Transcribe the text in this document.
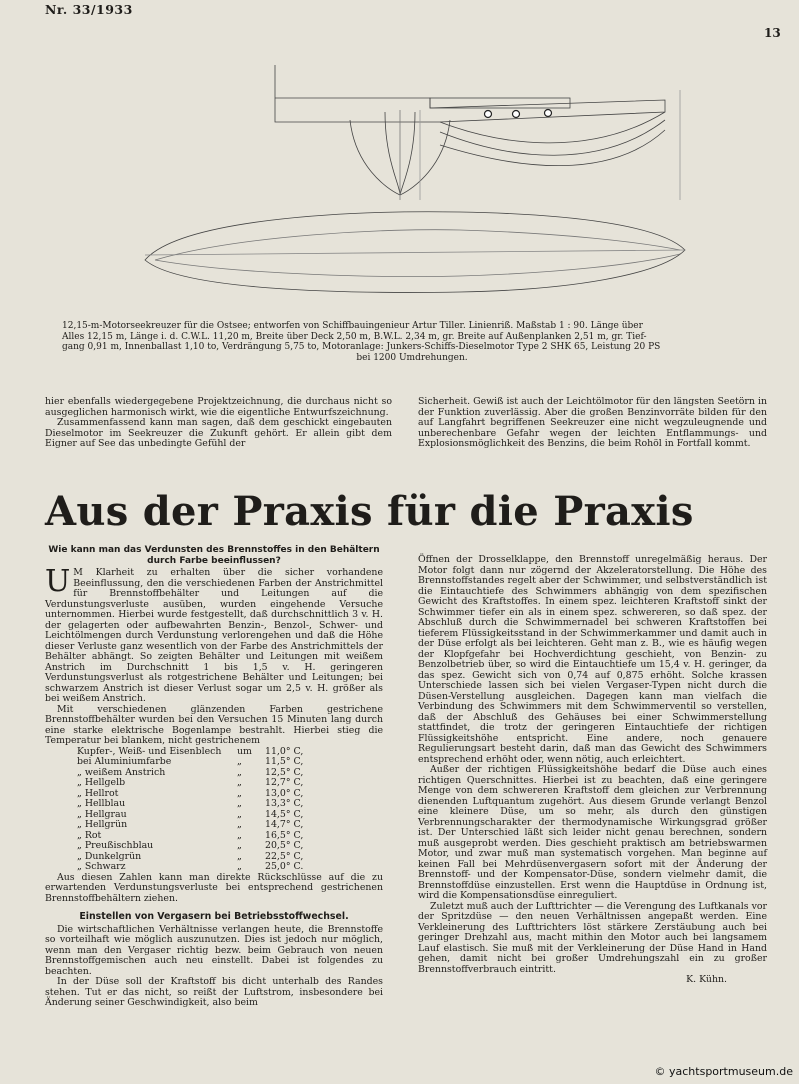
Nr. 33/1933
13
12,15-m-Motorseekreuzer für die Ostsee; entworfen von Schiffbauingenieur Artur Tiller. Linienriß. Maßstab 1 : 90. Länge über
Alles 12,15 m, Länge i. d. C.W.L. 11,20 m, Breite über Deck 2,50 m, B.W.L. 2,34 m, gr. Breite auf Außenplanken 2,51 m, gr. Tief-
gang 0,91 m, Innenballast 1,10 to, Verdrängung 5,75 to, Motoranlage: Junkers-Schiffs-Dieselmotor Type 2 SHK 65, Leistung 20 PS
bei 1200 Umdrehungen.

hier ebenfalls wiedergegebene Projektzeichnung, die durchaus nicht so ausgeglichen harmonisch wirkt, wie die eigentliche Entwurfszeichnung.

Zusammenfassend kann man sagen, daß dem geschickt eingebauten Dieselmotor im Seekreuzer die Zukunft gehört. Er allein gibt dem Eigner auf See das unbedingte Gefühl der

Sicherheit. Gewiß ist auch der Leichtölmotor für den längsten Seetörn in der Funktion zuverlässig. Aber die großen Benzinvorräte bilden für den auf Langfahrt begriffenen Seekreuzer eine nicht wegzuleugnende und unberechenbare Gefahr wegen der leichten Entflammungs- und Explosionsmöglichkeit des Benzins, die beim Rohöl in Fortfall kommt.

Aus der Praxis für die Praxis
Wie kann man das Verdunsten des Brennstoffes in den Behältern durch Farbe beeinflussen?

U M Klarheit zu erhalten über die sicher vorhandene Beeinflussung, den die verschiedenen Farben der Anstrichmittel für Brennstoffbehälter und Leitungen auf die Verdunstungsverluste ausüben, wurden eingehende Versuche unternommen. Hierbei wurde festgestellt, daß durchschnittlich 3 v. H. der gelagerten oder aufbewahrten Benzin-, Benzol-, Schwer- und Leichtölmengen durch Verdunstung verlorengehen und daß die Höhe dieser Verluste ganz wesentlich von der Farbe des Anstrichmittels der Behälter abhängt. So zeigten Behälter und Leitungen mit weißem Anstrich im Durchschnitt 1 bis 1,5 v. H. geringeren Verdunstungsverlust als rotgestrichene Behälter und Leitungen; bei schwarzem Anstrich ist dieser Verlust sogar um 2,5 v. H. größer als bei weißem Anstrich.

Mit verschiedenen glänzenden Farben gestrichene Brennstoffbehälter wurden bei den Versuchen 15 Minuten lang durch eine starke elektrische Bogenlampe bestrahlt. Hierbei stieg die Temperatur bei blankem, nicht gestrichenem

Kupfer-, Weiß- und Eisenblech	um	11,0° C,
bei Aluminiumfarbe	„	11,5° C,
„ weißem Anstrich	„	12,5° C,
„ Hellgelb	„	12,7° C,
„ Hellrot	„	13,0° C,
„ Hellblau	„	13,3° C,
„ Hellgrau	„	14,5° C,
„ Hellgrün	„	14,7° C,
„ Rot	„	16,5° C,
„ Preußischblau	„	20,5° C,
„ Dunkelgrün	„	22,5° C,
„ Schwarz	„	25,0° C.

Aus diesen Zahlen kann man direkte Rückschlüsse auf die zu erwartenden Verdunstungsverluste bei entsprechend gestrichenen Brennstoffbehältern ziehen.

Einstellen von Vergasern bei Betriebsstoffwechsel.

Die wirtschaftlichen Verhältnisse verlangen heute, die Brennstoffe so vorteilhaft wie möglich auszunutzen. Dies ist jedoch nur möglich, wenn man den Vergaser richtig bezw. beim Gebrauch von neuen Brennstoffgemischen auch neu einstellt. Dabei ist folgendes zu beachten.

In der Düse soll der Kraftstoff bis dicht unterhalb des Randes stehen. Tut er das nicht, so reißt der Luftstrom, insbesondere bei Änderung seiner Geschwindigkeit, also beim

Öffnen der Drosselklappe, den Brennstoff unregelmäßig heraus. Der Motor folgt dann nur zögernd der Akzeleratorstellung. Die Höhe des Brennstoffstandes regelt aber der Schwimmer, und selbstverständlich ist die Eintauchtiefe des Schwimmers abhängig von dem spezifischen Gewicht des Kraftstoffes. In einem spez. leichteren Kraftstoff sinkt der Schwimmer tiefer ein als in einem spez. schwereren, so daß spez. der Abschluß durch die Schwimmernadel bei schweren Kraftstoffen bei tieferem Flüssigkeitsstand in der Schwimmerkammer und damit auch in der Düse erfolgt als bei leichteren. Geht man z. B., wie es häufig wegen der Klopfgefahr bei Hochverdichtung geschieht, von Benzin- zu Benzolbetrieb über, so wird die Eintauchtiefe um 15,4 v. H. geringer, da das spez. Gewicht sich von 0,74 auf 0,875 erhöht. Solche krassen Unterschiede lassen sich bei vielen Vergaser-Typen nicht durch die Düsen-Verstellung ausgleichen. Dagegen kann man vielfach die Verbindung des Schwimmers mit dem Schwimmerventil so verstellen, daß der Abschluß des Gehäuses bei einer Schwimmerstellung stattfindet, die trotz der geringeren Eintauchtiefe der richtigen Flüssigkeitshöhe entspricht. Eine andere, noch genauere Regulierungsart besteht darin, daß man das Gewicht des Schwimmers entsprechend erhöht oder, wenn nötig, auch erleichtert.

Außer der richtigen Flüssigkeitshöhe bedarf die Düse auch eines richtigen Querschnittes. Hierbei ist zu beachten, daß eine geringere Menge von dem schwereren Kraftstoff dem gleichen zur Verbrennung dienenden Luftquantum zugehört. Aus diesem Grunde verlangt Benzol eine kleinere Düse, um so mehr, als durch den günstigen Verbrennungscharakter der thermodynamische Wirkungsgrad größer ist. Der Unterschied läßt sich leider nicht genau berechnen, sondern muß ausgeprobt werden. Dies geschieht praktisch am betriebswarmen Motor, und zwar muß man systematisch vorgehen. Man beginne auf keinen Fall bei Mehrdüsenvergasern sofort mit der Änderung der Brennstoff- und der Kompensator-Düse, sondern vielmehr damit, die Brennstoffdüse einzustellen. Erst wenn die Hauptdüse in Ordnung ist, wird die Kompensationsdüse einreguliert.

Zuletzt muß auch der Lufttrichter — die Verengung des Luftkanals vor der Spritzdüse — den neuen Verhältnissen angepaßt werden. Eine Verkleinerung des Lufttrichters löst stärkere Zerstäubung auch bei geringer Drehzahl aus, macht mithin den Motor auch bei langsamem Lauf elastisch. Sie muß mit der Verkleinerung der Düse Hand in Hand gehen, damit nicht bei großer Umdrehungszahl ein zu großer Brennstoffverbrauch eintritt.

K. Kühn.
© yachtsportmuseum.de
